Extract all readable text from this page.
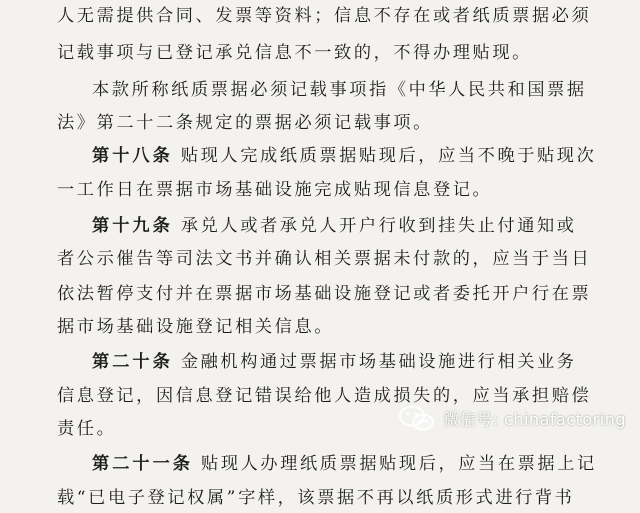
人无需提供合同、发票等资料；信息不存在或者纸质票据必须
记载事项与已登记承兑信息不一致的，不得办理贴现。
本款所称纸质票据必须记载事项指《中华人民共和国票据
法》第二十二条规定的票据必须记载事项。
第十八条 贴现人完成纸质票据贴现后，应当不晚于贴现次
一工作日在票据市场基础设施完成贴现信息登记。
第十九条 承兑人或者承兑人开户行收到挂失止付通知或
者公示催告等司法文书并确认相关票据未付款的，应当于当日
依法暂停支付并在票据市场基础设施登记或者委托开户行在票
据市场基础设施登记相关信息。
第二十条 金融机构通过票据市场基础设施进行相关业务
信息登记，因信息登记错误给他人造成损失的，应当承担赔偿
责任。
第二十一条 贴现人办理纸质票据贴现后，应当在票据上记
载“已电子登记权属”字样，该票据不再以纸质形式进行背书
微信号: chinafactoring
